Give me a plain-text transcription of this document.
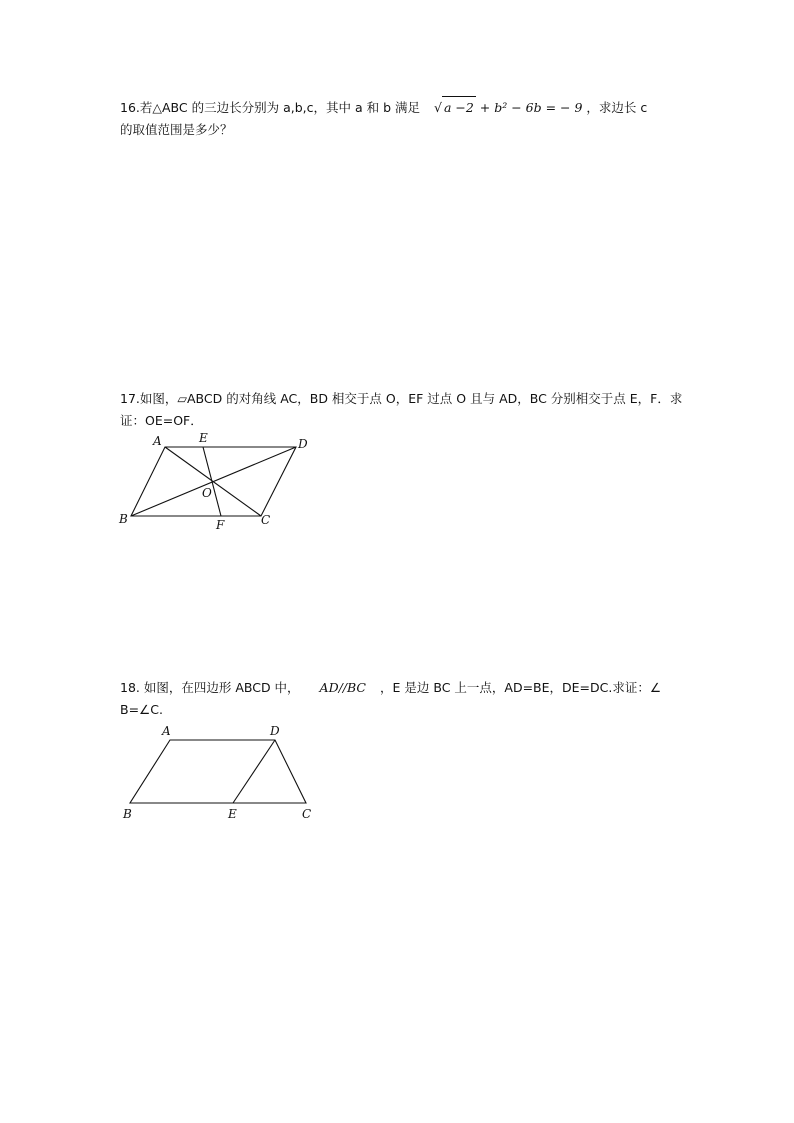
16.若△ABC 的三边长分别为 a,b,c，其中 a 和 b 满足 √ a −2 + b² − 6b = − 9 ，求边长 c
的取值范围是多少？
17.如图，▱ABCD 的对角线 AC，BD 相交于点 O，EF 过点 O 且与 AD，BC 分别相交于点 E，F．求
证：OE=OF．
A	E	D
O
B	F	C
18. 如图，在四边形 ABCD 中， AD//BC ，E 是边 BC 上一点，AD=BE，DE=DC.求证：∠
B=∠C.
A	D
B	E	C
